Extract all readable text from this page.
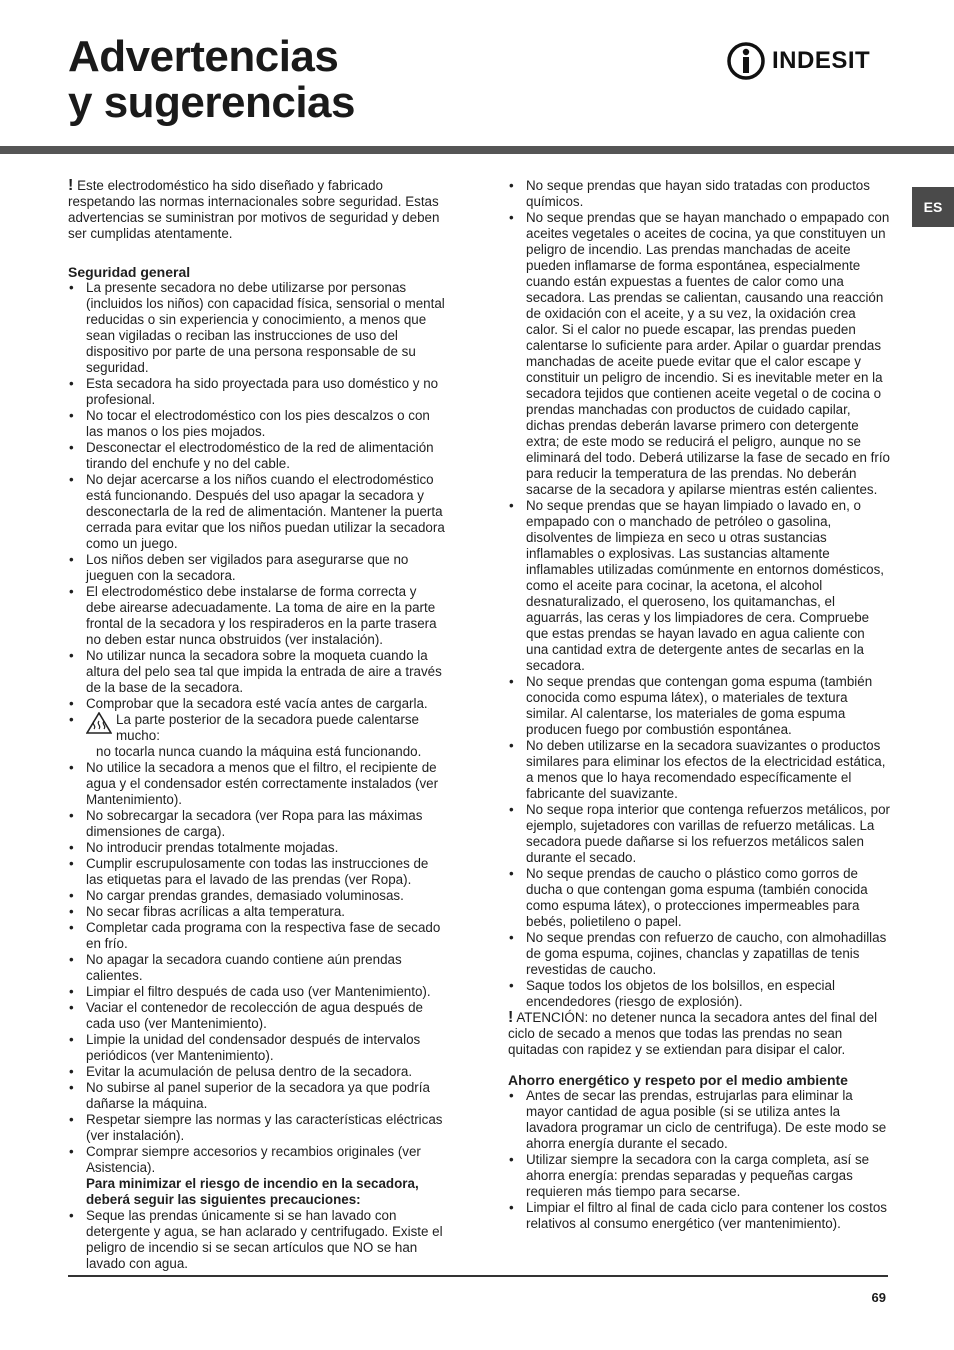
Advertencias
y sugerencias
INDESIT
ES

! Este electrodoméstico ha sido diseñado y fabricado respetando las normas internacionales sobre seguridad. Estas advertencias se suministran por motivos de seguridad y deben ser cumplidas atentamente.

Seguridad general

• La presente secadora no debe utilizarse por personas (incluidos los niños) con capacidad física, sensorial o mental reducidas o sin experiencia y conocimiento, a menos que sean vigiladas o reciban las instrucciones de uso del dispositivo por parte de una persona responsable de su seguridad.
• Esta secadora ha sido proyectada para uso doméstico y no profesional.
• No tocar el electrodoméstico con los pies descalzos o con las manos o los pies mojados.
• Desconectar el electrodoméstico de la red de alimentación tirando del enchufe y no del cable.
• No dejar acercarse a los niños cuando el electrodoméstico está funcionando. Después del uso apagar la secadora y desconectarla de la red de alimentación. Mantener la puerta cerrada para evitar que los niños puedan utilizar la secadora como un juego.
• Los niños deben ser vigilados para asegurarse que no jueguen con la secadora.
• El electrodoméstico debe instalarse de forma correcta y debe airearse adecuadamente. La toma de aire en la parte frontal de la secadora y los respiraderos en la parte trasera no deben estar nunca obstruidos (ver instalación).
• No utilizar nunca la secadora sobre la moqueta cuando la altura del pelo sea tal que impida la entrada de aire a través de la base de la secadora.
• Comprobar que la secadora esté vacía antes de cargarla.
• La parte posterior de la secadora puede calentarse mucho:
no tocarla nunca cuando la máquina está funcionando.
• No utilice la secadora a menos que el filtro, el recipiente de agua y el condensador estén correctamente instalados (ver Mantenimiento).
• No sobrecargar la secadora (ver Ropa para las máximas dimensiones de carga).
• No introducir prendas totalmente mojadas.
• Cumplir escrupulosamente con todas las instrucciones de las etiquetas para el lavado de las prendas (ver Ropa).
• No cargar prendas grandes, demasiado voluminosas.
• No secar fibras acrílicas a alta temperatura.
• Completar cada programa con la respectiva fase de secado en frío.
• No apagar la secadora cuando contiene aún prendas calientes.
• Limpiar el filtro después de cada uso (ver Mantenimiento).
• Vaciar el contenedor de recolección de agua después de cada uso (ver Mantenimiento).
• Limpie la unidad del condensador después de intervalos periódicos (ver Mantenimiento).
• Evitar la acumulación de pelusa dentro de la secadora.
• No subirse al panel superior de la secadora ya que podría dañarse la máquina.
• Respetar siempre las normas y las características eléctricas (ver instalación).
• Comprar siempre accesorios y recambios originales (ver Asistencia).

Para minimizar el riesgo de incendio en la secadora, deberá seguir las siguientes precauciones:

• Seque las prendas únicamente si se han lavado con detergente y agua, se han aclarado y centrifugado. Existe el peligro de incendio si se secan artículos que NO se han lavado con agua.
• No seque prendas que hayan sido tratadas con productos químicos.
• No seque prendas que se hayan manchado o empapado con aceites vegetales o aceites de cocina, ya que constituyen un peligro de incendio. Las prendas manchadas de aceite pueden inflamarse de forma espontánea, especialmente cuando están expuestas a fuentes de calor como una secadora. Las prendas se calientan, causando una reacción de oxidación con el aceite, y a su vez, la oxidación crea calor. Si el calor no puede escapar, las prendas pueden calentarse lo suficiente para arder. Apilar o guardar prendas manchadas de aceite puede evitar que el calor escape y constituir un peligro de incendio. Si es inevitable meter en la secadora tejidos que contienen aceite vegetal o de cocina o prendas manchadas con productos de cuidado capilar, dichas prendas deberán lavarse primero con detergente extra; de este modo se reducirá el peligro, aunque no se eliminará del todo. Deberá utilizarse la fase de secado en frío para reducir la temperatura de las prendas. No deberán sacarse de la secadora y apilarse mientras estén calientes.
• No seque prendas que se hayan limpiado o lavado en, o empapado con o manchado de petróleo o gasolina, disolventes de limpieza en seco u otras sustancias inflamables o explosivas. Las sustancias altamente inflamables utilizadas comúnmente en entornos domésticos, como el aceite para cocinar, la acetona, el alcohol desnaturalizado, el queroseno, los quitamanchas, el aguarrás, las ceras y los limpiadores de cera. Compruebe que estas prendas se hayan lavado en agua caliente con una cantidad extra de detergente antes de secarlas en la secadora.
• No seque prendas que contengan goma espuma (también conocida como espuma látex), o materiales de textura similar. Al calentarse, los materiales de goma espuma producen fuego por combustión espontánea.
• No deben utilizarse en la secadora suavizantes o productos similares para eliminar los efectos de la electricidad estática, a menos que lo haya recomendado específicamente el fabricante del suavizante.
• No seque ropa interior que contenga refuerzos metálicos, por ejemplo, sujetadores con varillas de refuerzo metálicas. La secadora puede dañarse si los refuerzos metálicos salen durante el secado.
• No seque prendas de caucho o plástico como gorros de ducha o que contengan goma espuma (también conocida como espuma látex), o protecciones impermeables para bebés, polietileno o papel.
• No seque prendas con refuerzo de caucho, con almohadillas de goma espuma, cojines, chanclas y zapatillas de tenis revestidas de caucho.
• Saque todos los objetos de los bolsillos, en especial encendedores (riesgo de explosión).

! ATENCIÓN: no detener nunca la secadora antes del final del ciclo de secado a menos que todas las prendas no sean quitadas con rapidez y se extiendan para disipar el calor.

Ahorro energético y respeto por el medio ambiente

• Antes de secar las prendas, estrujarlas para eliminar la mayor cantidad de agua posible (si se utiliza antes la lavadora programar un ciclo de centrifuga). De este modo se ahorra energía durante el secado.
• Utilizar siempre la secadora con la carga completa, así se ahorra energía: prendas separadas y pequeñas cargas requieren más tiempo para secarse.
• Limpiar el filtro al final de cada ciclo para contener los costos relativos al consumo energético (ver mantenimiento).
69
